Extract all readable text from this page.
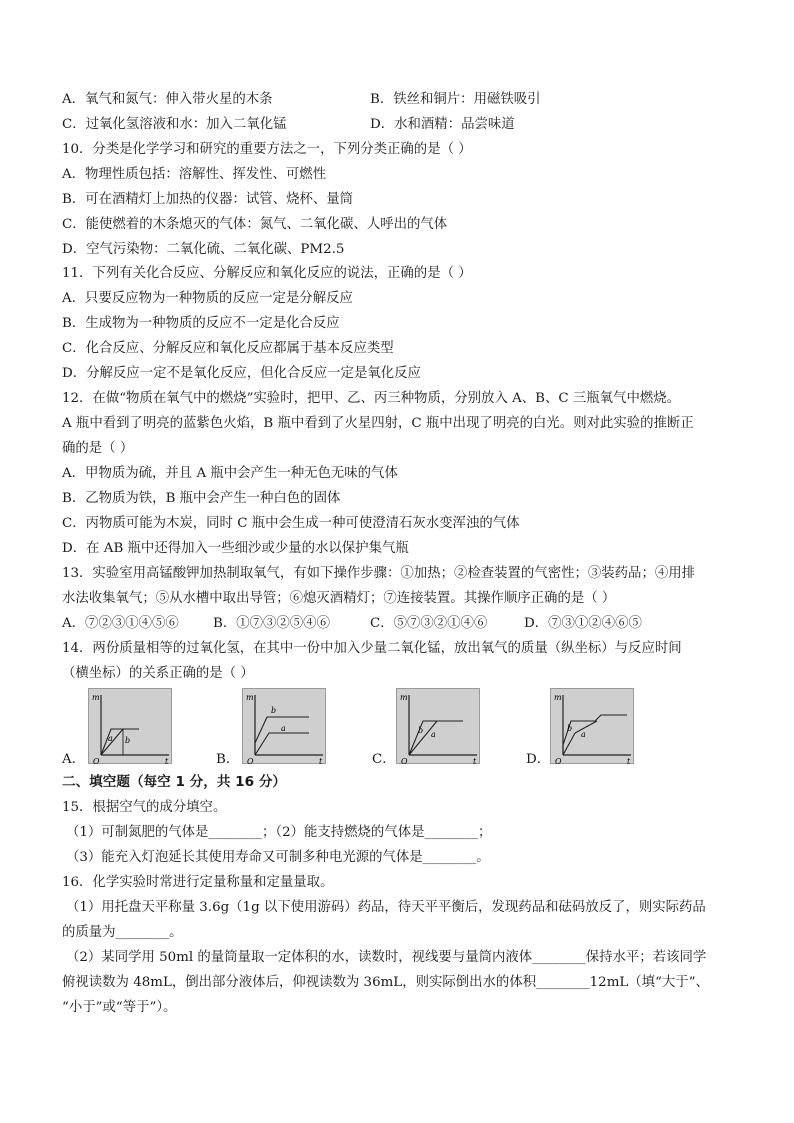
A．氧气和氮气：伸入带火星的木条	B．铁丝和铜片：用磁铁吸引
C．过氧化氢溶液和水：加入二氧化锰	D．水和酒精：品尝味道
10．分类是化学学习和研究的重要方法之一，下列分类正确的是（ ）
A．物理性质包括：溶解性、挥发性、可燃性
B．可在酒精灯上加热的仪器：试管、烧杯、量筒
C．能使燃着的木条熄灭的气体：氮气、二氧化碳、人呼出的气体
D．空气污染物：二氧化硫、二氧化碳、PM2.5
11．下列有关化合反应、分解反应和氧化反应的说法，正确的是（ ）
A．只要反应物为一种物质的反应一定是分解反应
B．生成物为一种物质的反应不一定是化合反应
C．化合反应、分解反应和氧化反应都属于基本反应类型
D．分解反应一定不是氧化反应，但化合反应一定是氧化反应
12．在做“物质在氧气中的燃烧”实验时，把甲、乙、丙三种物质，分别放入 A、B、C 三瓶氧气中燃烧。
A 瓶中看到了明亮的蓝紫色火焰，B 瓶中看到了火星四射，C 瓶中出现了明亮的白光。则对此实验的推断正
确的是（ ）
A．甲物质为硫，并且 A 瓶中会产生一种无色无味的气体
B．乙物质为铁，B 瓶中会产生一种白色的固体
C．丙物质可能为木炭，同时 C 瓶中会生成一种可使澄清石灰水变浑浊的气体
D．在 AB 瓶中还得加入一些细沙或少量的水以保护集气瓶
13．实验室用高锰酸钾加热制取氧气，有如下操作步骤：①加热；②检查装置的气密性；③装药品；④用排
水法收集氧气；⑤从水槽中取出导管；⑥熄灭酒精灯；⑦连接装置。其操作顺序正确的是（ ）
A．⑦②③①④⑤⑥	B．①⑦③②⑤④⑥	C．⑤⑦③②①④⑥	D．⑦③①②④⑥⑤
14．两份质量相等的过氧化氢，在其中一份中加入少量二氧化锰，放出氧气的质量（纵坐标）与反应时间
（横坐标）的关系正确的是（ ）
A．	B．	C．	D．
m
t
O
a b
m
t
O
b
a
m
t
O
b a
m
t
O
b
a
二、填空题（每空 1 分，共 16 分）
15．根据空气的成分填空。
（1）可制氮肥的气体是________；（2）能支持燃烧的气体是________；
（3）能充入灯泡延长其使用寿命又可制多种电光源的气体是________。
16．化学实验时常进行定量称量和定量量取。
（1）用托盘天平称量 3.6g（1g 以下使用游码）药品，待天平平衡后，发现药品和砝码放反了，则实际药品
的质量为________。
（2）某同学用 50ml 的量筒量取一定体积的水，读数时，视线要与量筒内液体________保持水平；若该同学
俯视读数为 48mL，倒出部分液体后，仰视读数为 36mL，则实际倒出水的体积________12mL（填“大于”、
“小于”或“等于”）。
